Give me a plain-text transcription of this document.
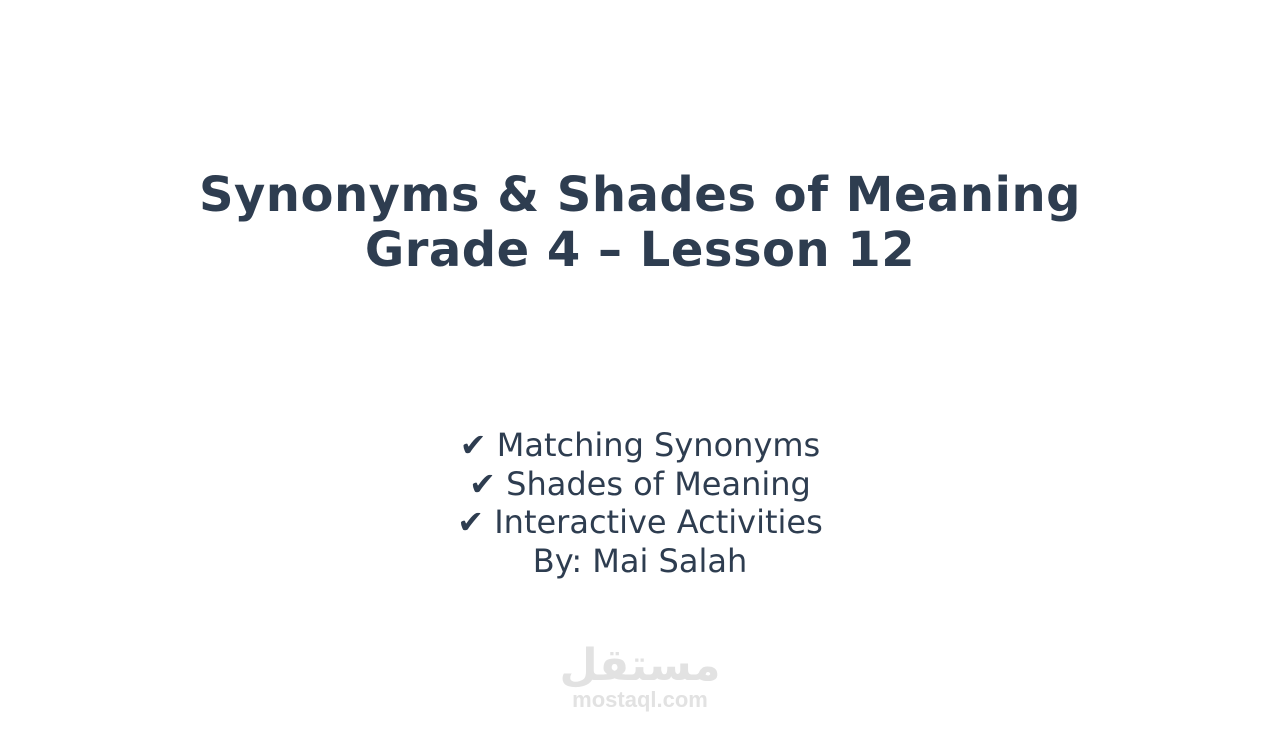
Synonyms & Shades of Meaning
Grade 4 – Lesson 12
✔ Matching Synonyms
✔ Shades of Meaning
✔ Interactive Activities
By: Mai Salah
مستقل
mostaql.com
